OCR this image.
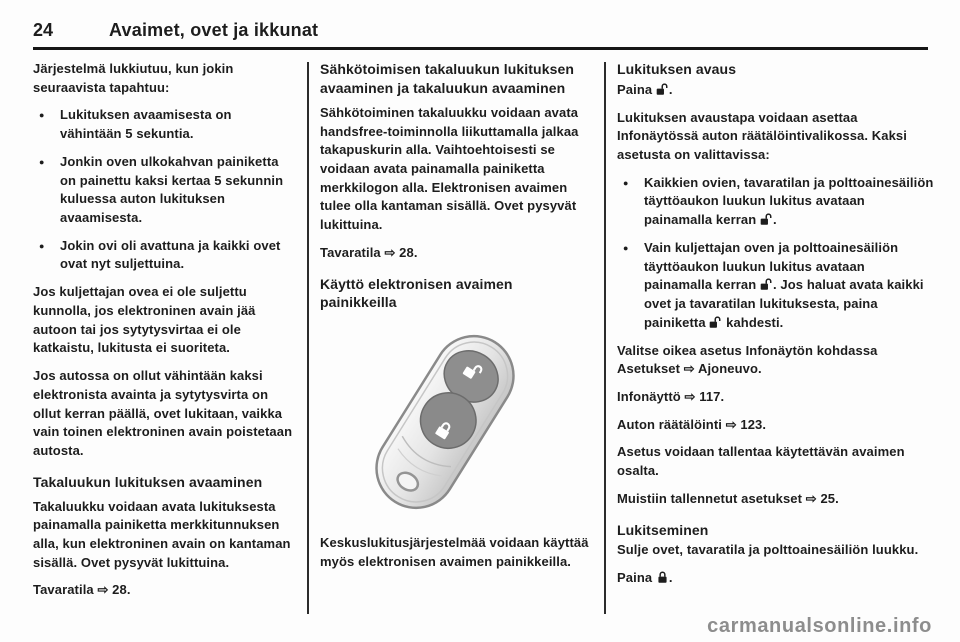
24	Avaimet, ovet ja ikkunat

Järjestelmä lukkiutuu, kun jokin seuraavista tapahtuu:

● Lukituksen avaamisesta on vähintään 5 sekuntia.
● Jonkin oven ulkokahvan painiketta on painettu kaksi kertaa 5 sekunnin kuluessa auton lukituksen avaamisesta.
● Jokin ovi oli avattuna ja kaikki ovet ovat nyt suljettuina.

Jos kuljettajan ovea ei ole suljettu kunnolla, jos elektroninen avain jää autoon tai jos sytytysvirtaa ei ole katkaistu, lukitusta ei suoriteta.

Jos autossa on ollut vähintään kaksi elektronista avainta ja sytytysvirta on ollut kerran päällä, ovet lukitaan, vaikka vain toinen elektroninen avain poistetaan autosta.

Takaluukun lukituksen avaaminen

Takaluukku voidaan avata lukituksesta painamalla painiketta merkkitunnuksen alla, kun elektroninen avain on kantaman sisällä. Ovet pysyvät lukittuina.

Tavaratila ⇨ 28.

Sähkötoimisen takaluukun lukituksen avaaminen ja takaluukun avaaminen

Sähkötoiminen takaluukku voidaan avata handsfree-toiminnolla liikuttamalla jalkaa takapuskurin alla. Vaihtoehtoisesti se voidaan avata painamalla painiketta merkkilogon alla. Elektronisen avaimen tulee olla kantaman sisällä. Ovet pysyvät lukittuina.

Tavaratila ⇨ 28.

Käyttö elektronisen avaimen painikkeilla

Keskuslukitusjärjestelmää voidaan käyttää myös elektronisen avaimen painikkeilla.

Lukituksen avaus

Paina
.

Lukituksen avaustapa voidaan asettaa Infonäytössä auton räätälöintivalikossa. Kaksi asetusta on valittavissa:

● Kaikkien ovien, tavaratilan ja polttoainesäiliön täyttöaukon luukun lukitus avataan painamalla kerran
.
● Vain kuljettajan oven ja polttoainesäiliön täyttöaukon luukun lukitus avataan painamalla kerran
. Jos haluat avata kaikki ovet ja tavaratilan lukituksesta, paina painiketta
kahdesti.

Valitse oikea asetus Infonäytön kohdassa Asetukset ⇨ Ajoneuvo.

Infonäyttö ⇨ 117.

Auton räätälöinti ⇨ 123.

Asetus voidaan tallentaa käytettävän avaimen osalta.

Muistiin tallennetut asetukset ⇨ 25.

Lukitseminen

Sulje ovet, tavaratila ja polttoainesäiliön luukku.

Paina
.

carmanualsonline.info
